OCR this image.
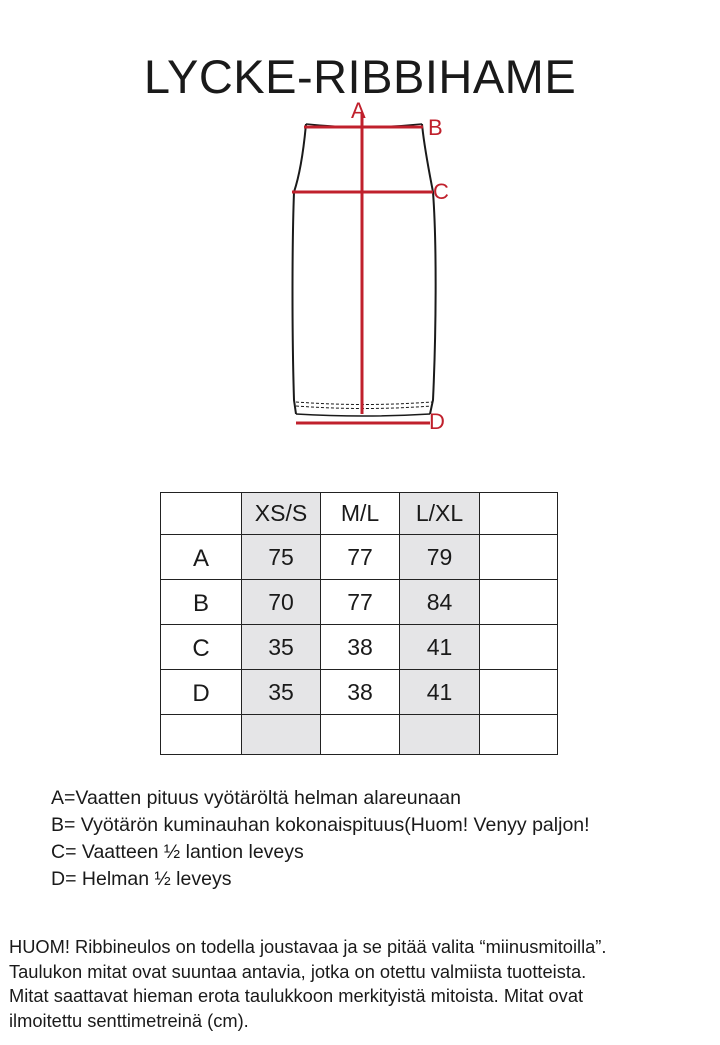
LYCKE-RIBBIHAME
A
B
C
D
	XS/S	M/L	L/XL	
A	75	77	79	
B	70	77	84	
C	35	38	41	
D	35	38	41	

A=Vaatten pituus vyötäröltä helman alareunaan
B= Vyötärön kuminauhan kokonaispituus(Huom! Venyy paljon!
C= Vaatteen ½ lantion leveys
D= Helman ½ leveys
HUOM! Ribbineulos on todella joustavaa ja se pitää valita “miinusmitoilla”.
Taulukon mitat ovat suuntaa antavia, jotka on otettu valmiista tuotteista.
Mitat saattavat hieman erota taulukkoon merkityistä mitoista. Mitat ovat
ilmoitettu senttimetreinä (cm).
